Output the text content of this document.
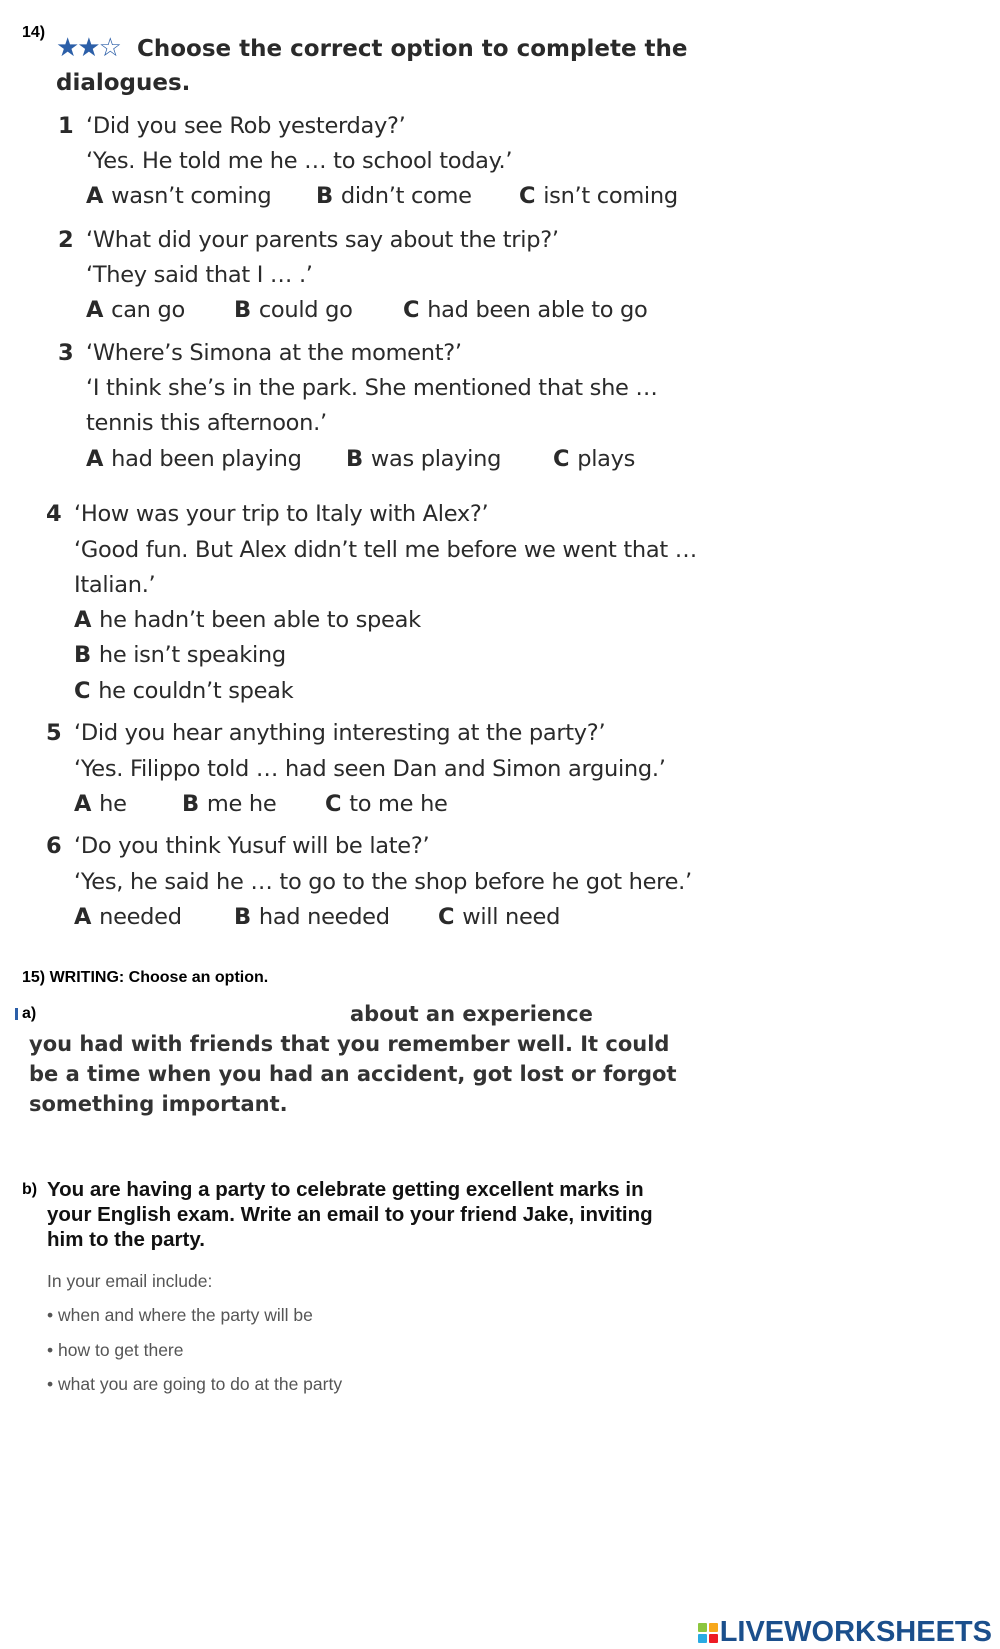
14) ★★☆ Choose the correct option to complete the
dialogues.
1 ‘Did you see Rob yesterday?’
‘Yes. He told me he … to school today.’
A wasn’t coming B didn’t come C isn’t coming
2 ‘What did your parents say about the trip?’
‘They said that I … .’
A can go B could go C had been able to go
3 ‘Where’s Simona at the moment?’
‘I think she’s in the park. She mentioned that she …
tennis this afternoon.’
A had been playing B was playing C plays
4 ‘How was your trip to Italy with Alex?’
‘Good fun. But Alex didn’t tell me before we went that …
Italian.’
A he hadn’t been able to speak
B he isn’t speaking
C he couldn’t speak
5 ‘Did you hear anything interesting at the party?’
‘Yes. Filippo told … had seen Dan and Simon arguing.’
A he B me he C to me he
6 ‘Do you think Yusuf will be late?’
‘Yes, he said he … to go to the shop before he got here.’
A needed B had needed C will need
15) WRITING: Choose an option.
a)	about an experience
you had with friends that you remember well. It could
be a time when you had an accident, got lost or forgot
something important.
b) You are having a party to celebrate getting excellent marks in
your English exam. Write an email to your friend Jake, inviting
him to the party.
In your email include:
• when and where the party will be
• how to get there
• what you are going to do at the party
LIVEWORKSHEETS
